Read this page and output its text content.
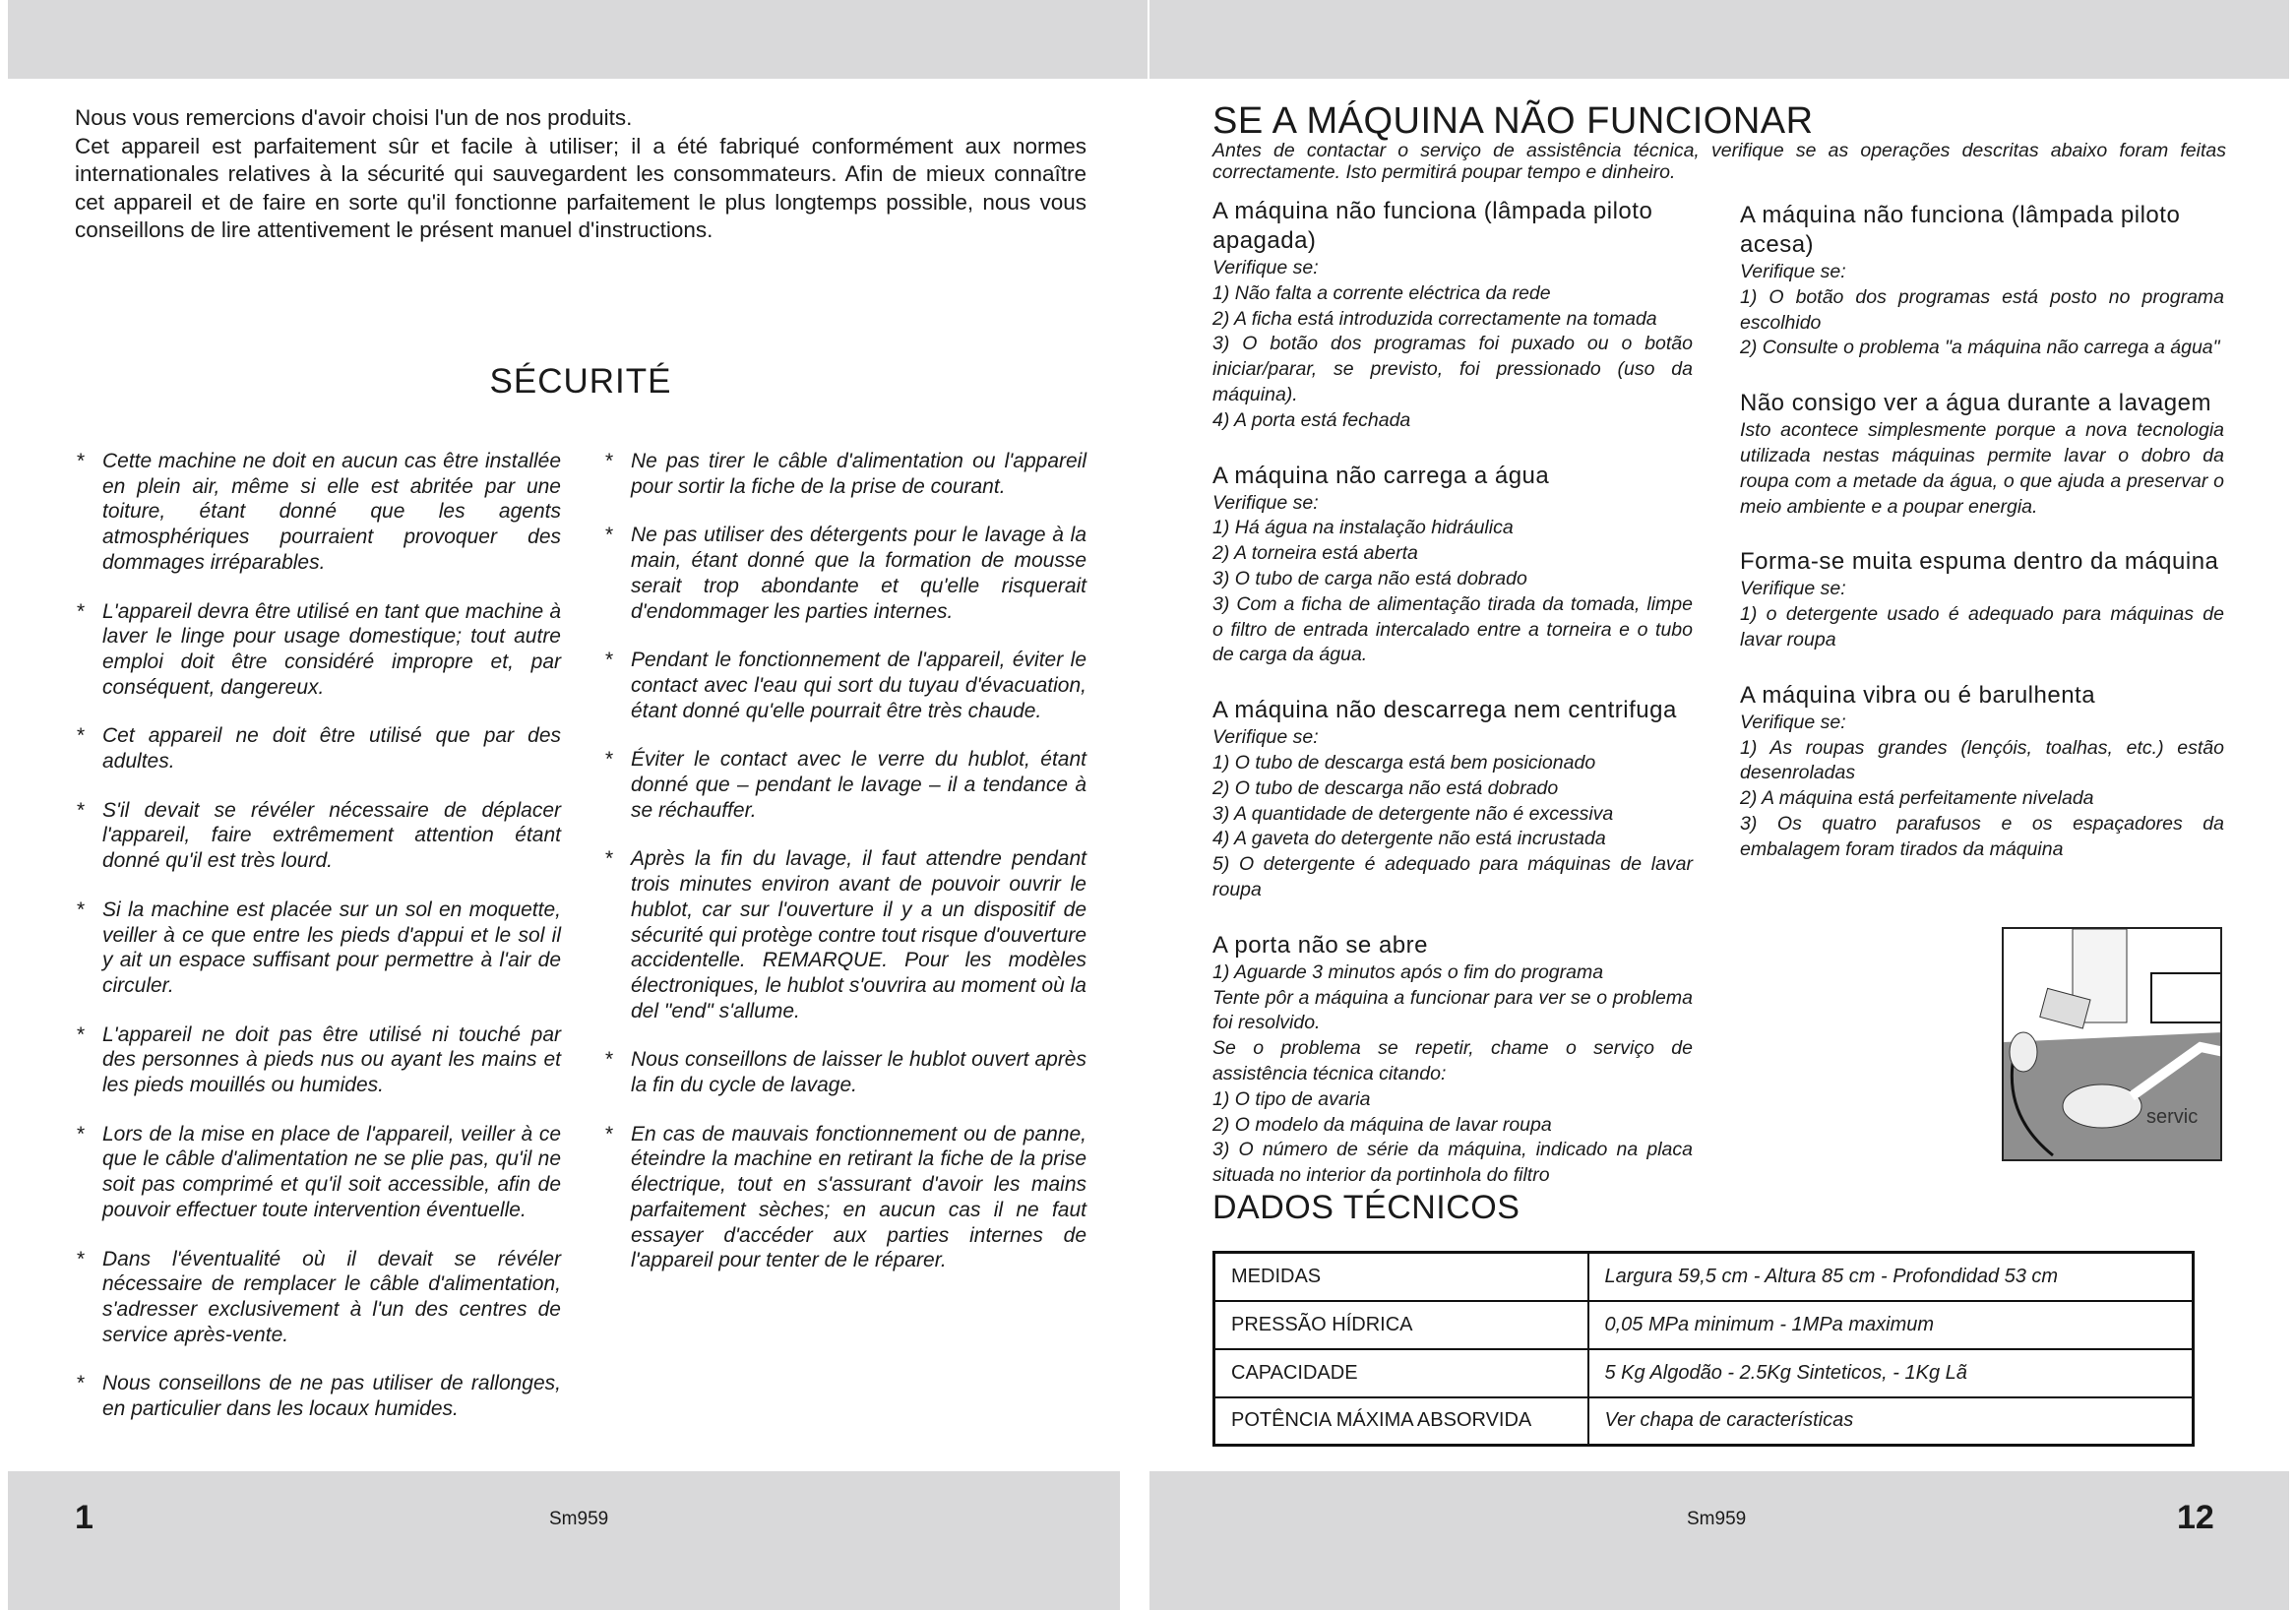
Nous vous remercions d'avoir choisi l'un de nos produits.

Cet appareil est parfaitement sûr et facile à utiliser; il a été fabriqué conformément aux normes internationales relatives à la sécurité qui sauvegardent les consommateurs. Afin de mieux connaître cet appareil et de faire en sorte qu'il fonctionne parfaitement le plus longtemps possible, nous vous conseillons de lire attentivement le présent manuel d'instructions.

SÉCURITÉ
* Cette machine ne doit en aucun cas être installée en plein air, même si elle est abritée par une toiture, étant donné que les agents atmosphériques pourraient provoquer des dommages irréparables.
* L'appareil devra être utilisé en tant que machine à laver le linge pour usage domestique; tout autre emploi doit être considéré impropre et, par conséquent, dangereux.
* Cet appareil ne doit être utilisé que par des adultes.
* S'il devait se révéler nécessaire de déplacer l'appareil, faire extrêmement attention étant donné qu'il est très lourd.
* Si la machine est placée sur un sol en moquette, veiller à ce que entre les pieds d'appui et le sol il y ait un espace suffisant pour permettre à l'air de circuler.
* L'appareil ne doit pas être utilisé ni touché par des personnes à pieds nus ou ayant les mains et les pieds mouillés ou humides.
* Lors de la mise en place de l'appareil, veiller à ce que le câble d'alimentation ne se plie pas, qu'il ne soit pas comprimé et qu'il soit accessible, afin de pouvoir effectuer toute intervention éventuelle.
* Dans l'éventualité où il devait se révéler nécessaire de remplacer le câble d'alimentation, s'adresser exclusivement à l'un des centres de service après-vente.
* Nous conseillons de ne pas utiliser de rallonges, en particulier dans les locaux humides.
* Ne pas tirer le câble d'alimentation ou l'appareil pour sortir la fiche de la prise de courant.
* Ne pas utiliser des détergents pour le lavage à la main, étant donné que la formation de mousse serait trop abondante et qu'elle risquerait d'endommager les parties internes.
* Pendant le fonctionnement de l'appareil, éviter le contact avec l'eau qui sort du tuyau d'évacuation, étant donné qu'elle pourrait être très chaude.
* Éviter le contact avec le verre du hublot, étant donné que – pendant le lavage – il a tendance à se réchauffer.
* Après la fin du lavage, il faut attendre pendant trois minutes environ avant de pouvoir ouvrir le hublot, car sur l'ouverture il y a un dispositif de sécurité qui protège contre tout risque d'ouverture accidentelle. REMARQUE. Pour les modèles électroniques, le hublot s'ouvrira au moment où la del "end" s'allume.
* Nous conseillons de laisser le hublot ouvert après la fin du cycle de lavage.
* En cas de mauvais fonctionnement ou de panne, éteindre la machine en retirant la fiche de la prise électrique, tout en s'assurant d'avoir les mains parfaitement sèches; en aucun cas il ne faut essayer d'accéder aux parties internes de l'appareil pour tenter de le réparer.
SE A MÁQUINA NÃO FUNCIONAR
Antes de contactar o serviço de assistência técnica, verifique se as operações descritas abaixo foram feitas correctamente. Isto permitirá poupar tempo e dinheiro.
A máquina não funciona (lâmpada piloto apagada)

Verifique se:

1) Não falta a corrente eléctrica da rede

2) A ficha está introduzida correctamente na tomada

3) O botão dos programas foi puxado ou o botão iniciar/parar, se previsto, foi pressionado (uso da máquina).

4) A porta está fechada

A máquina não carrega a água

Verifique se:

1) Há água na instalação hidráulica

2) A torneira está aberta

3) O tubo de carga não está dobrado

3) Com a ficha de alimentação tirada da tomada, limpe o filtro de entrada intercalado entre a torneira e o tubo de carga da água.

A máquina não descarrega nem centrifuga

Verifique se:

1) O tubo de descarga está bem posicionado

2) O tubo de descarga não está dobrado

3) A quantidade de detergente não é excessiva

4) A gaveta do detergente não está incrustada

5) O detergente é adequado para máquinas de lavar roupa

A porta não se abre

1) Aguarde 3 minutos após o fim do programa

Tente pôr a máquina a funcionar para ver se o problema foi resolvido.

Se o problema se repetir, chame o serviço de assistência técnica citando:

1) O tipo de avaria

2) O modelo da máquina de lavar roupa

3) O número de série da máquina, indicado na placa situada no interior da portinhola do filtro

A máquina não funciona (lâmpada piloto acesa)

Verifique se:

1) O botão dos programas está posto no programa escolhido

2) Consulte o problema "a máquina não carrega a água"

Não consigo ver a água durante a lavagem

Isto acontece simplesmente porque a nova tecnologia utilizada nestas máquinas permite lavar o dobro da roupa com a metade da água, o que ajuda a preservar o meio ambiente e a poupar energia.

Forma-se muita espuma dentro da máquina

Verifique se:

1) o detergente usado é adequado para máquinas de lavar roupa

A máquina vibra ou é barulhenta

Verifique se:

1) As roupas grandes (lençóis, toalhas, etc.) estão desenroladas

2) A máquina está perfeitamente nivelada

3) Os quatro parafusos e os espaçadores da embalagem foram tirados da máquina

servic
DADOS TÉCNICOS
MEDIDAS	Largura 59,5 cm - Altura 85 cm - Profondidad 53 cm
PRESSÃO HÍDRICA	0,05 MPa minimum - 1MPa maximum
CAPACIDADE	5 Kg Algodão - 2.5Kg Sinteticos, - 1Kg Lã
POTÊNCIA MÁXIMA ABSORVIDA	Ver chapa de características
1	Sm959	Sm959	12
